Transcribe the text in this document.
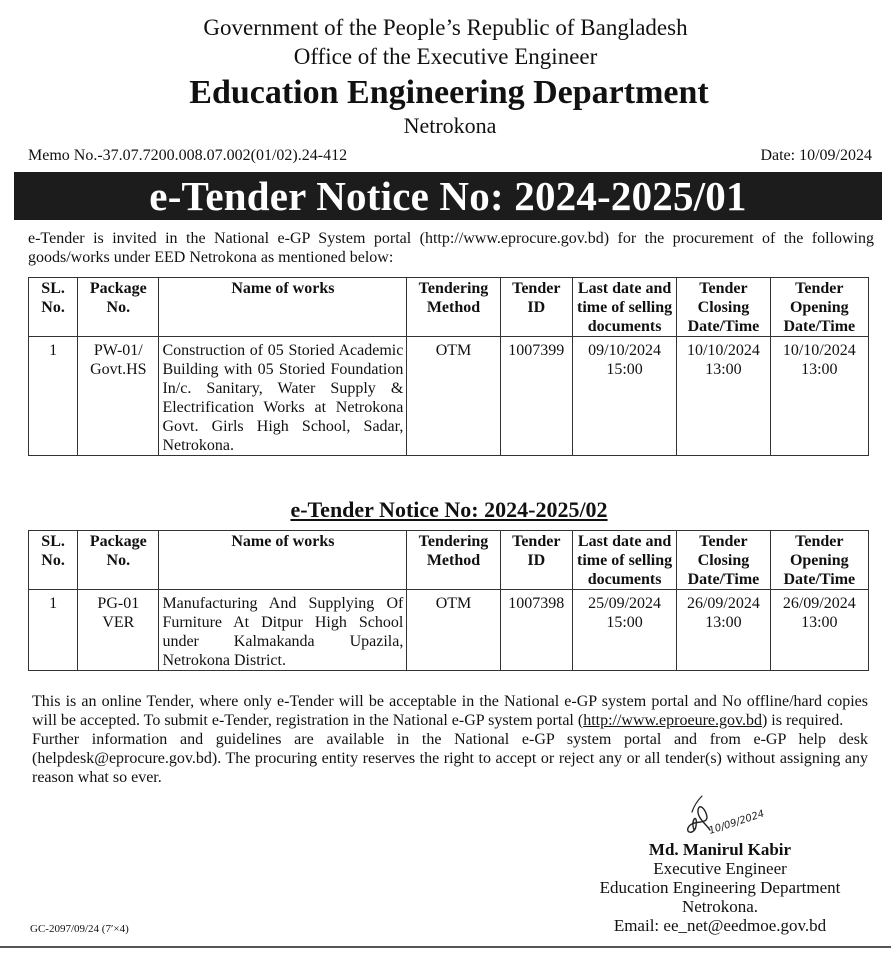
Government of the People’s Republic of Bangladesh
Office of the Executive Engineer
Education Engineering Department
Netrokona
Memo No.-37.07.7200.008.07.002(01/02).24-412	Date: 10/09/2024
e-Tender Notice No: 2024-2025/01
e-Tender is invited in the National e-GP System portal (http://www.eprocure.gov.bd) for the procurement of the following goods/works under EED Netrokona as mentioned below:
SL. No.	Package No.	Name of works	Tendering Method	Tender ID	Last date and time of selling documents	Tender Closing Date/Time	Tender Opening Date/Time
1	PW-01/ Govt.HS	Construction of 05 Storied Academic Building with 05 Storied Foundation In/c. Sanitary, Water Supply & Electrification Works at Netrokona Govt. Girls High School, Sadar, Netrokona.	OTM	1007399	09/10/2024 15:00	10/10/2024 13:00	10/10/2024 13:00
e-Tender Notice No: 2024-2025/02
SL. No.	Package No.	Name of works	Tendering Method	Tender ID	Last date and time of selling documents	Tender Closing Date/Time	Tender Opening Date/Time
1	PG-01 VER	Manufacturing And Supplying Of Furniture At Ditpur High School under Kalmakanda Upazila, Netrokona District.	OTM	1007398	25/09/2024 15:00	26/09/2024 13:00	26/09/2024 13:00

This is an online Tender, where only e-Tender will be acceptable in the National e-GP system portal and No offline/hard copies will be accepted. To submit e-Tender, registration in the National e-GP system portal (http://www.eproeure.gov.bd) is required.

Further information and guidelines are available in the National e-GP system portal and from e-GP help desk (helpdesk@eprocure.gov.bd). The procuring entity reserves the right to accept or reject any or all tender(s) without assigning any reason what so ever.

10/09/2024
Md. Manirul Kabir
Executive Engineer
Education Engineering Department
Netrokona.
Email: ee_net@eedmoe.gov.bd
GC-2097/09/24 (7′×4)
